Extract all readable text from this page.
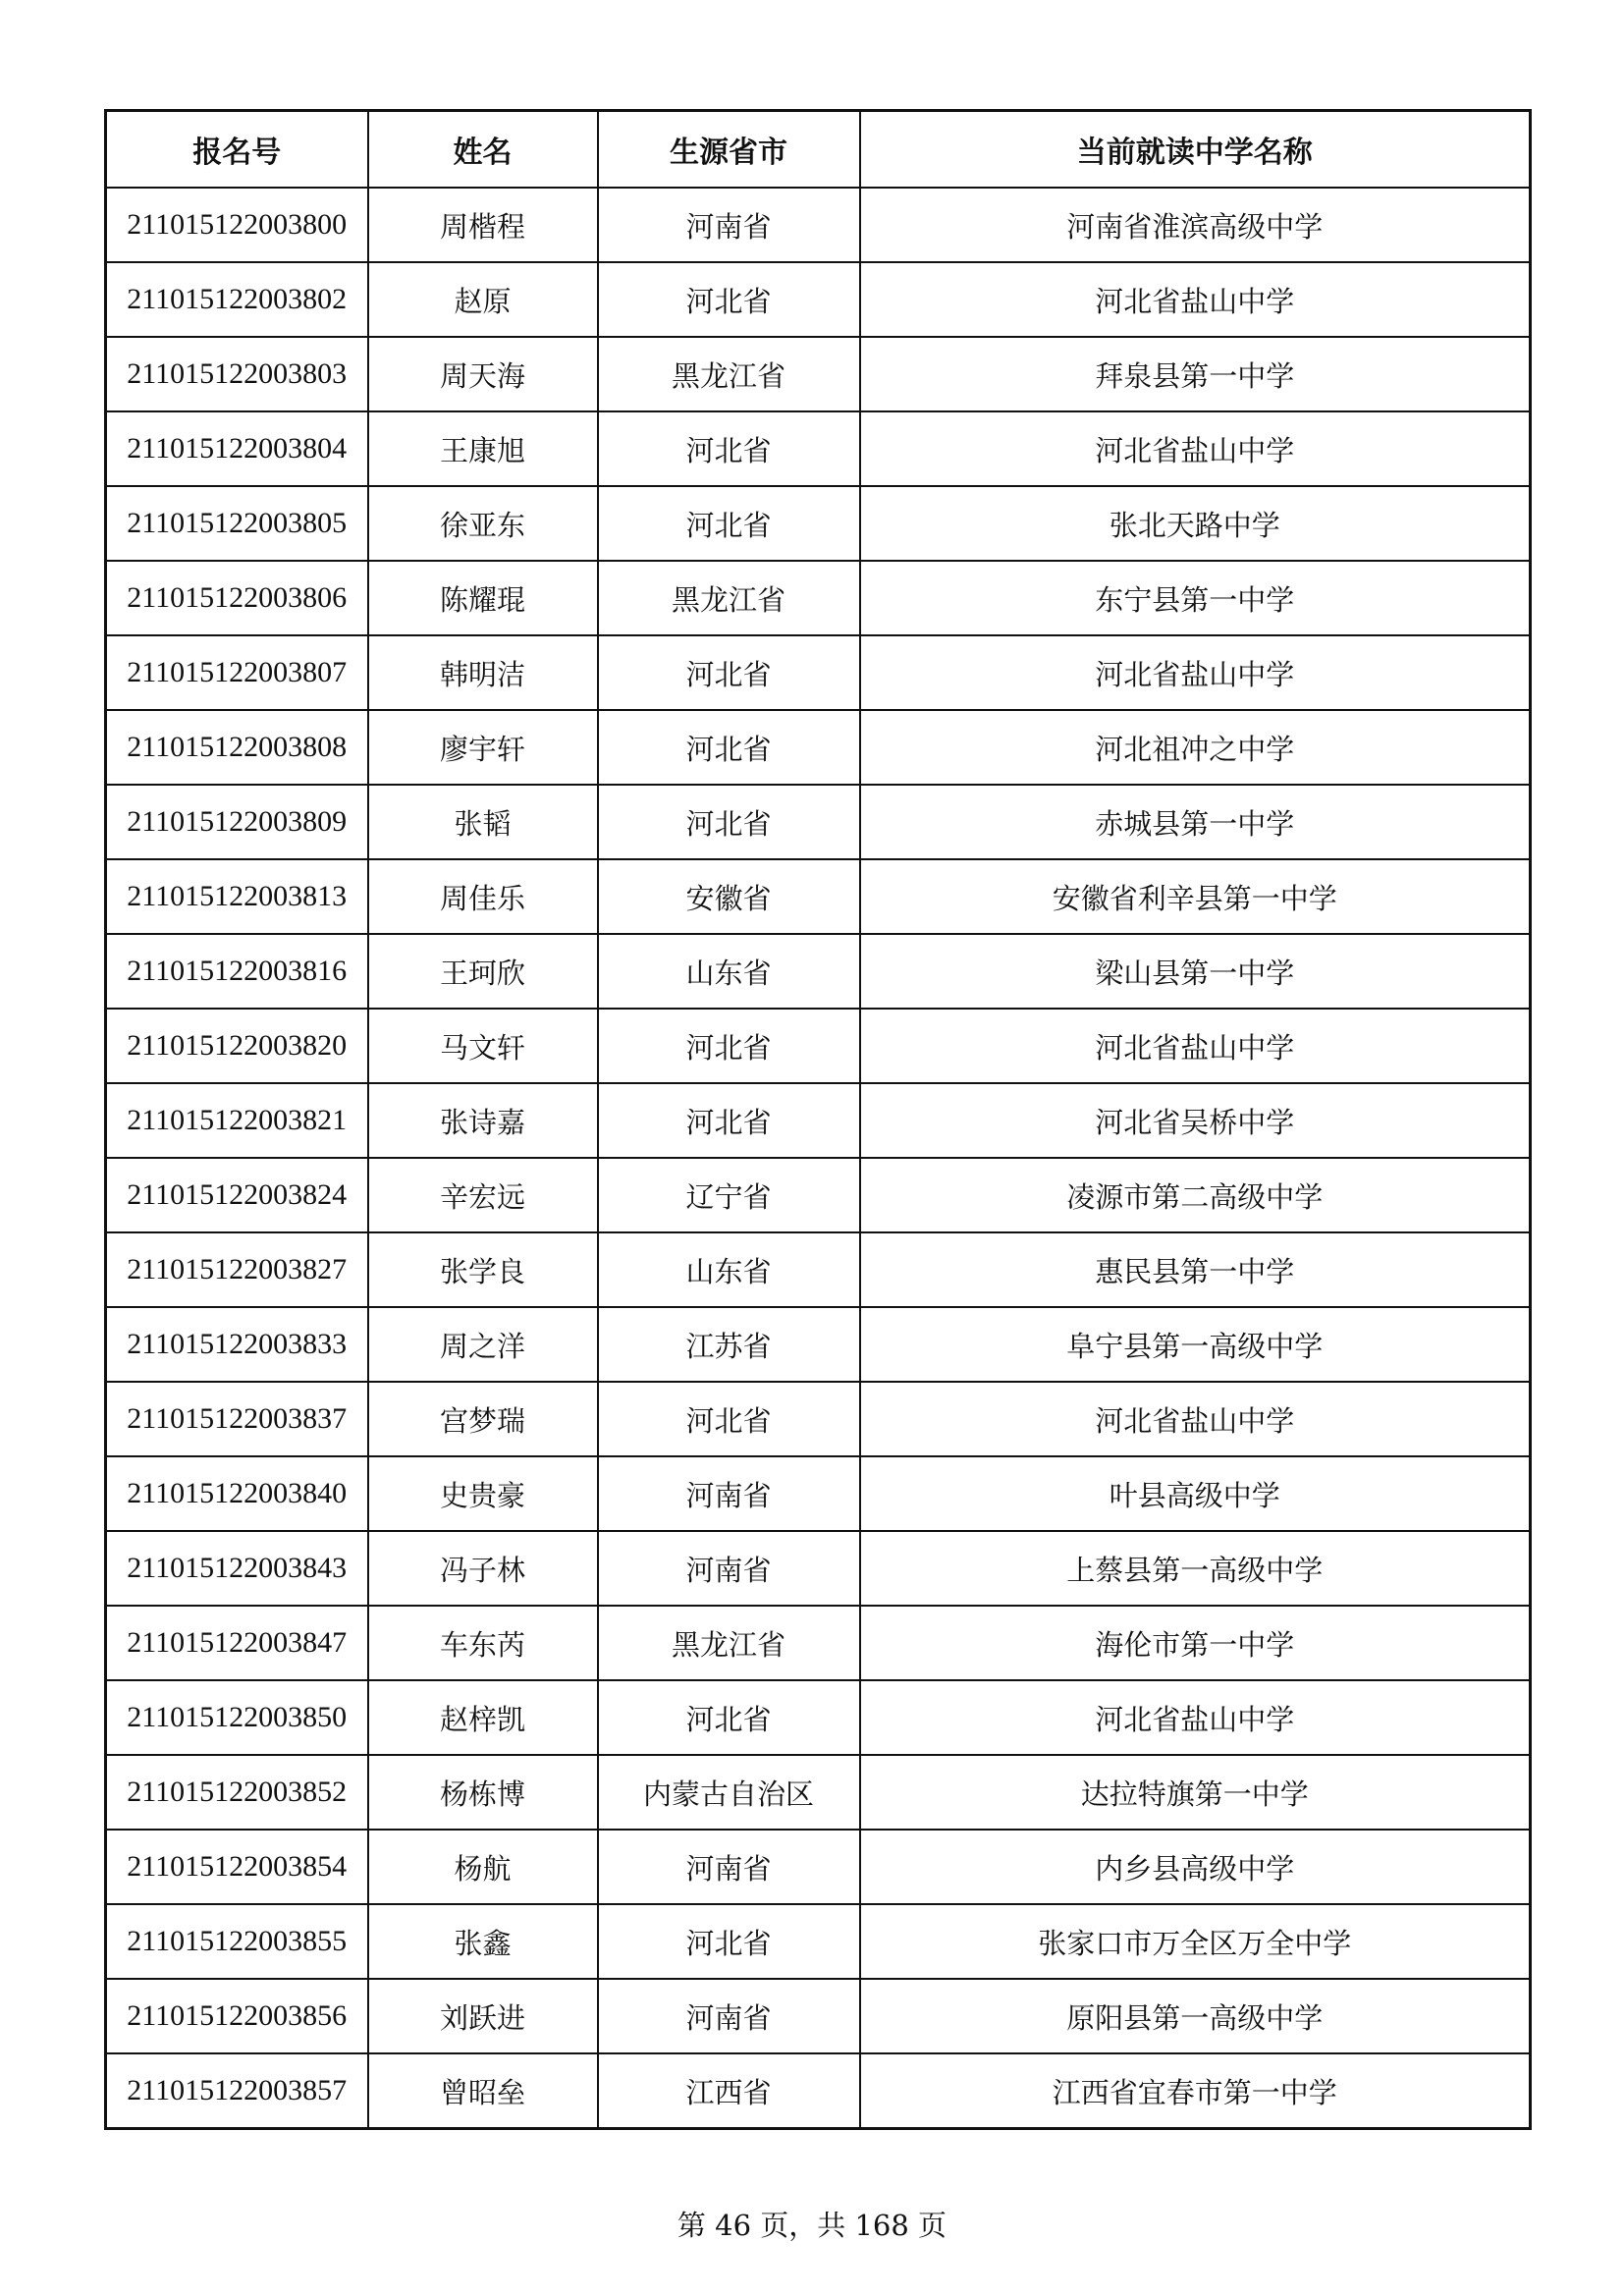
报名号	姓名	生源省市	当前就读中学名称
211015122003800	周楷程	河南省	河南省淮滨高级中学
211015122003802	赵原	河北省	河北省盐山中学
211015122003803	周天海	黑龙江省	拜泉县第一中学
211015122003804	王康旭	河北省	河北省盐山中学
211015122003805	徐亚东	河北省	张北天路中学
211015122003806	陈耀琨	黑龙江省	东宁县第一中学
211015122003807	韩明洁	河北省	河北省盐山中学
211015122003808	廖宇轩	河北省	河北祖冲之中学
211015122003809	张韬	河北省	赤城县第一中学
211015122003813	周佳乐	安徽省	安徽省利辛县第一中学
211015122003816	王珂欣	山东省	梁山县第一中学
211015122003820	马文轩	河北省	河北省盐山中学
211015122003821	张诗嘉	河北省	河北省吴桥中学
211015122003824	辛宏远	辽宁省	凌源市第二高级中学
211015122003827	张学良	山东省	惠民县第一中学
211015122003833	周之洋	江苏省	阜宁县第一高级中学
211015122003837	宫梦瑞	河北省	河北省盐山中学
211015122003840	史贵豪	河南省	叶县高级中学
211015122003843	冯子林	河南省	上蔡县第一高级中学
211015122003847	车东芮	黑龙江省	海伦市第一中学
211015122003850	赵梓凯	河北省	河北省盐山中学
211015122003852	杨栋博	内蒙古自治区	达拉特旗第一中学
211015122003854	杨航	河南省	内乡县高级中学
211015122003855	张鑫	河北省	张家口市万全区万全中学
211015122003856	刘跃进	河南省	原阳县第一高级中学
211015122003857	曾昭垒	江西省	江西省宜春市第一中学
第 46 页，共 168 页
